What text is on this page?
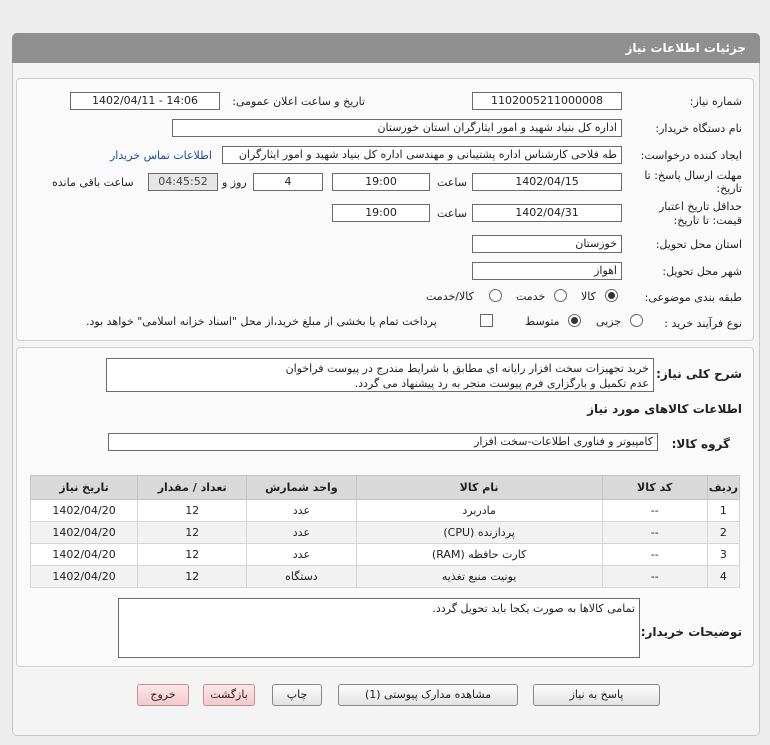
جزئیات اطلاعات نیاز
شماره نیاز:
1102005211000008
تاریخ و ساعت اعلان عمومی:
1402/04/11 - 14:06
نام دستگاه خریدار:
اداره کل بنیاد شهید و امور ایثارگران استان خوزستان
ایجاد کننده درخواست:
طه فلاحی کارشناس اداره پشتیبانی و مهندسی اداره کل بنیاد شهید و امور ایثارگران
اطلاعات تماس خریدار
مهلت ارسال پاسخ: تا
تاریخ:
1402/04/15
ساعت
19:00
4
روز و
04:45:52
ساعت باقی مانده
حداقل تاریخ اعتبار
قیمت: تا تاریخ:
1402/04/31
ساعت
19:00
استان محل تحویل:
خوزستان
شهر محل تحویل:
اهواز
طبقه بندی موضوعی:
کالا
خدمت
کالا/خدمت
نوع فرآیند خرید :
جزیی
متوسط
پرداخت تمام یا بخشی از مبلغ خرید،از محل "اسناد خزانه اسلامی" خواهد بود.
شرح کلی نیاز:
خرید تجهیزات سخت افزار رایانه ای مطابق با شرایط مندرج در پیوست فراخوان
عدم تکمیل و بارگزاری فرم پیوست منجر به رد پیشنهاد می گردد.
اطلاعات کالاهای مورد نیاز
گروه کالا:
کامپیوتر و فناوری اطلاعات-سخت افزار
ردیف	کد کالا	نام کالا	واحد شمارش	تعداد / مقدار	تاریخ نیاز
1	--	مادربرد	عدد	12	1402/04/20
2	--	پردازنده (CPU)	عدد	12	1402/04/20
3	--	کارت حافظه (RAM)	عدد	12	1402/04/20
4	--	یونیت منبع تغذیه	دستگاه	12	1402/04/20
توضیحات خریدار:
تمامی کالاها به صورت یکجا باید تحویل گردد.
پاسخ به نیاز
مشاهده مدارک پیوستی (1)
چاپ
بازگشت
خروج
